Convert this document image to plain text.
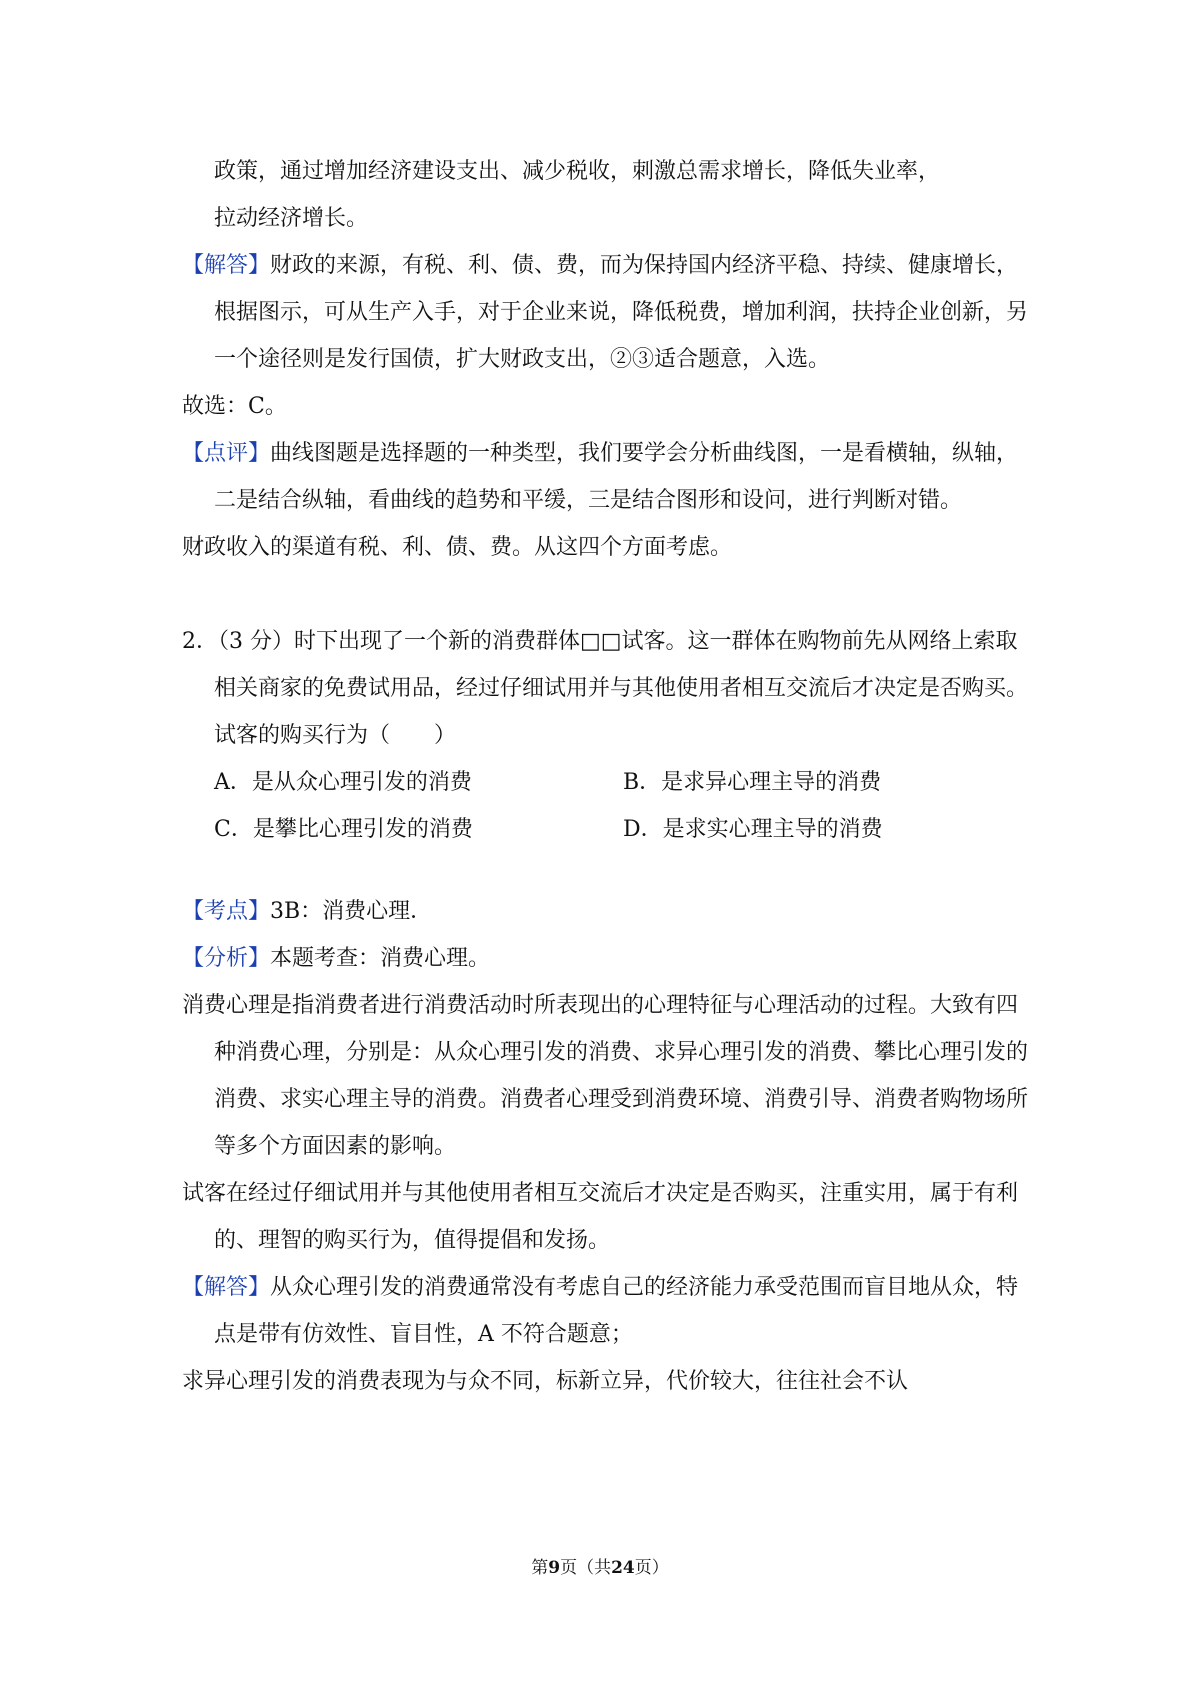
政策，通过增加经济建设支出、减少税收，刺激总需求增长，降低失业率，

拉动经济增长。

【解答】财政的来源，有税、利、债、费，而为保持国内经济平稳、持续、健康增长，根据图示，可从生产入手，对于企业来说，降低税费，增加利润，扶持企业创新，另一个途径则是发行国债，扩大财政支出，②③适合题意，入选。

故选：C。

【点评】曲线图题是选择题的一种类型，我们要学会分析曲线图，一是看横轴，纵轴，二是结合纵轴，看曲线的趋势和平缓，三是结合图形和设问，进行判断对错。

财政收入的渠道有税、利、债、费。从这四个方面考虑。

2．（3 分）时下出现了一个新的消费群体□□试客。这一群体在购物前先从网络上索取相关商家的免费试用品，经过仔细试用并与其他使用者相互交流后才决定是否购买。试客的购买行为（　　）

A．是从众心理引发的消费	B．是求异心理主导的消费
C．是攀比心理引发的消费	D．是求实心理主导的消费

【考点】3B：消费心理．

【分析】本题考查：消费心理。

消费心理是指消费者进行消费活动时所表现出的心理特征与心理活动的过程。大致有四种消费心理，分别是：从众心理引发的消费、求异心理引发的消费、攀比心理引发的消费、求实心理主导的消费。消费者心理受到消费环境、消费引导、消费者购物场所等多个方面因素的影响。

试客在经过仔细试用并与其他使用者相互交流后才决定是否购买，注重实用，属于有利的、理智的购买行为，值得提倡和发扬。

【解答】从众心理引发的消费通常没有考虑自己的经济能力承受范围而盲目地从众，特点是带有仿效性、盲目性，A 不符合题意；

求异心理引发的消费表现为与众不同，标新立异，代价较大，往往社会不认

第9页（共24页）
